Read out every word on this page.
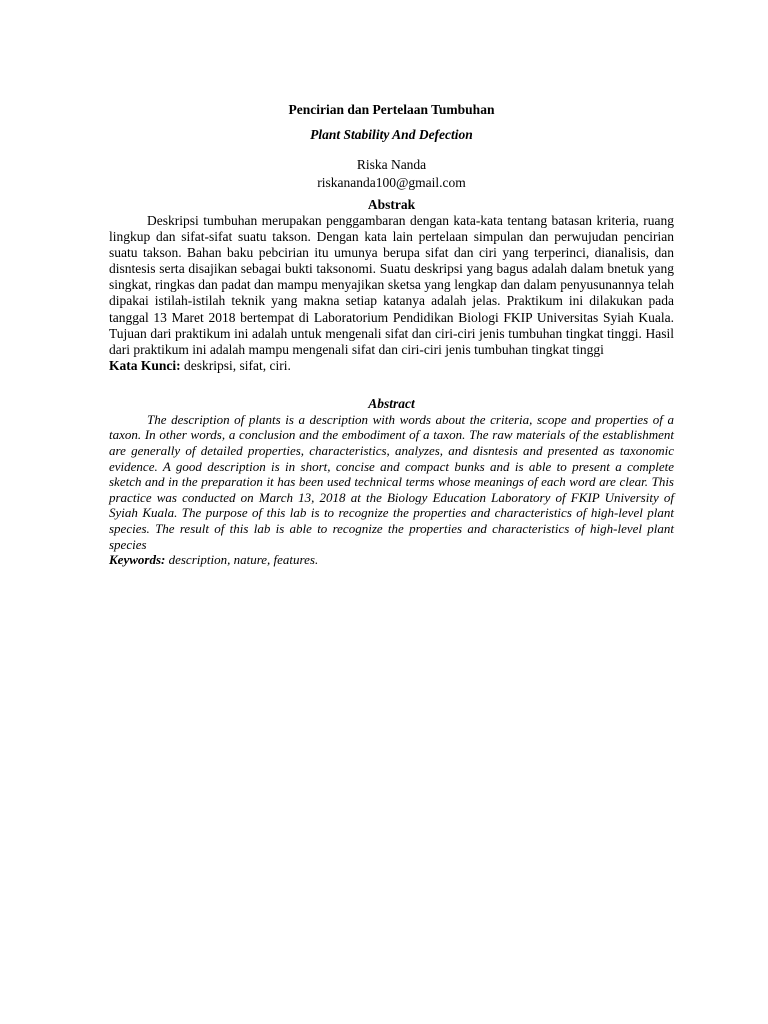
Pencirian dan Pertelaan Tumbuhan
Plant Stability And Defection
Riska Nanda
riskananda100@gmail.com
Abstrak

Deskripsi tumbuhan merupakan penggambaran dengan kata-kata tentang batasan kriteria, ruang lingkup dan sifat-sifat suatu takson. Dengan kata lain pertelaan simpulan dan perwujudan pencirian suatu takson. Bahan baku pebcirian itu umunya berupa sifat dan ciri yang terperinci, dianalisis, dan disntesis serta disajikan sebagai bukti taksonomi. Suatu deskripsi yang bagus adalah dalam bnetuk yang singkat, ringkas dan padat dan mampu menyajikan sketsa yang lengkap dan dalam penyusunannya telah dipakai istilah-istilah teknik yang makna setiap katanya adalah jelas. Praktikum ini dilakukan pada tanggal 13 Maret 2018 bertempat di Laboratorium Pendidikan Biologi FKIP Universitas Syiah Kuala. Tujuan dari praktikum ini adalah untuk mengenali sifat dan ciri-ciri jenis tumbuhan tingkat tinggi. Hasil dari praktikum ini adalah mampu mengenali sifat dan ciri-ciri jenis tumbuhan tingkat tinggi

Kata Kunci: deskripsi, sifat, ciri.

Abstract

The description of plants is a description with words about the criteria, scope and properties of a taxon. In other words, a conclusion and the embodiment of a taxon. The raw materials of the establishment are generally of detailed properties, characteristics, analyzes, and disntesis and presented as taxonomic evidence. A good description is in short, concise and compact bunks and is able to present a complete sketch and in the preparation it has been used technical terms whose meanings of each word are clear. This practice was conducted on March 13, 2018 at the Biology Education Laboratory of FKIP University of Syiah Kuala. The purpose of this lab is to recognize the properties and characteristics of high-level plant species. The result of this lab is able to recognize the properties and characteristics of high-level plant species

Keywords: description, nature, features.
